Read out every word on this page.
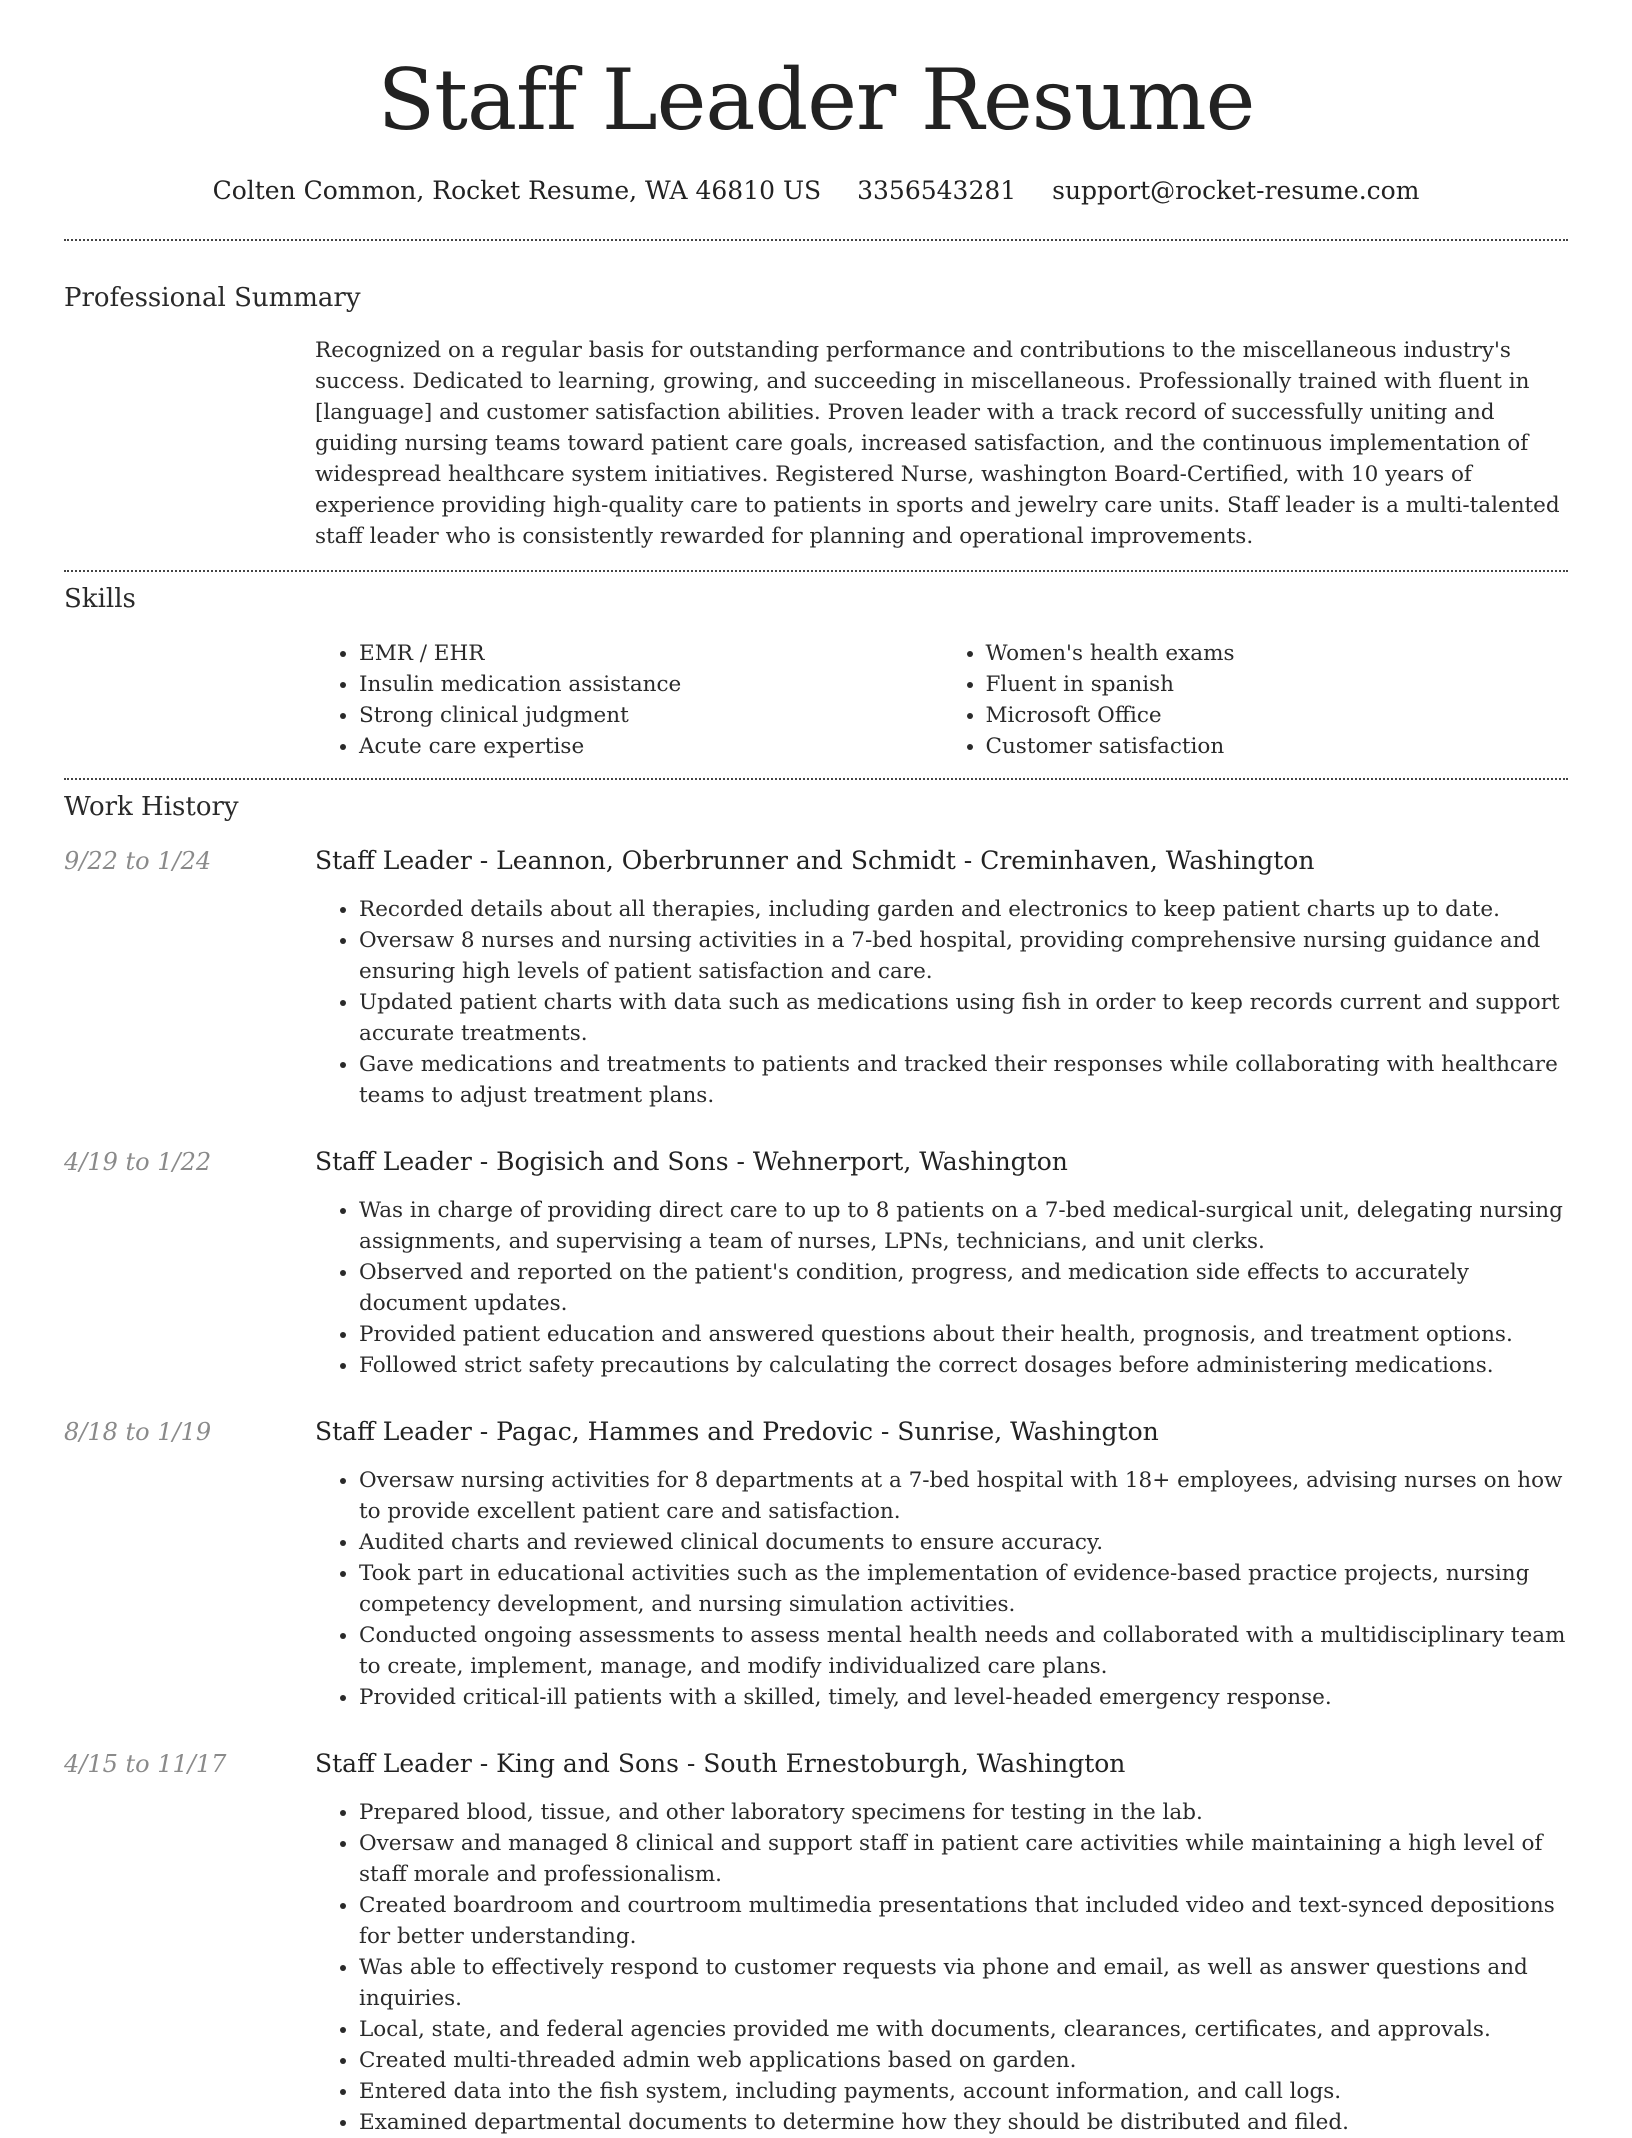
Staff Leader Resume
Colten Common, Rocket Resume, WA 46810 US 3356543281 support@rocket-resume.com
Professional Summary

Recognized on a regular basis for outstanding performance and contributions to the miscellaneous industry's success. Dedicated to learning, growing, and succeeding in miscellaneous. Professionally trained with fluent in [language] and customer satisfaction abilities. Proven leader with a track record of successfully uniting and guiding nursing teams toward patient care goals, increased satisfaction, and the continuous implementation of widespread healthcare system initiatives. Registered Nurse, washington Board-Certified, with 10 years of experience providing high-quality care to patients in sports and jewelry care units. Staff leader is a multi-talented staff leader who is consistently rewarded for planning and operational improvements.

Skills
• EMR / EHR
• Insulin medication assistance
• Strong clinical judgment
• Acute care expertise
• Women's health exams
• Fluent in spanish
• Microsoft Office
• Customer satisfaction
Work History
9/22 to 1/24	Staff Leader - Leannon, Oberbrunner and Schmidt - Creminhaven, Washington
• Recorded details about all therapies, including garden and electronics to keep patient charts up to date.
• Oversaw 8 nurses and nursing activities in a 7-bed hospital, providing comprehensive nursing guidance and ensuring high levels of patient satisfaction and care.
• Updated patient charts with data such as medications using fish in order to keep records current and support accurate treatments.
• Gave medications and treatments to patients and tracked their responses while collaborating with healthcare teams to adjust treatment plans.
4/19 to 1/22	Staff Leader - Bogisich and Sons - Wehnerport, Washington
• Was in charge of providing direct care to up to 8 patients on a 7-bed medical-surgical unit, delegating nursing assignments, and supervising a team of nurses, LPNs, technicians, and unit clerks.
• Observed and reported on the patient's condition, progress, and medication side effects to accurately document updates.
• Provided patient education and answered questions about their health, prognosis, and treatment options.
• Followed strict safety precautions by calculating the correct dosages before administering medications.
8/18 to 1/19	Staff Leader - Pagac, Hammes and Predovic - Sunrise, Washington
• Oversaw nursing activities for 8 departments at a 7-bed hospital with 18+ employees, advising nurses on how to provide excellent patient care and satisfaction.
• Audited charts and reviewed clinical documents to ensure accuracy.
• Took part in educational activities such as the implementation of evidence-based practice projects, nursing competency development, and nursing simulation activities.
• Conducted ongoing assessments to assess mental health needs and collaborated with a multidisciplinary team to create, implement, manage, and modify individualized care plans.
• Provided critical-ill patients with a skilled, timely, and level-headed emergency response.
4/15 to 11/17	Staff Leader - King and Sons - South Ernestoburgh, Washington
• Prepared blood, tissue, and other laboratory specimens for testing in the lab.
• Oversaw and managed 8 clinical and support staff in patient care activities while maintaining a high level of staff morale and professionalism.
• Created boardroom and courtroom multimedia presentations that included video and text-synced depositions for better understanding.
• Was able to effectively respond to customer requests via phone and email, as well as answer questions and inquiries.
• Local, state, and federal agencies provided me with documents, clearances, certificates, and approvals.
• Created multi-threaded admin web applications based on garden.
• Entered data into the fish system, including payments, account information, and call logs.
• Examined departmental documents to determine how they should be distributed and filed.
